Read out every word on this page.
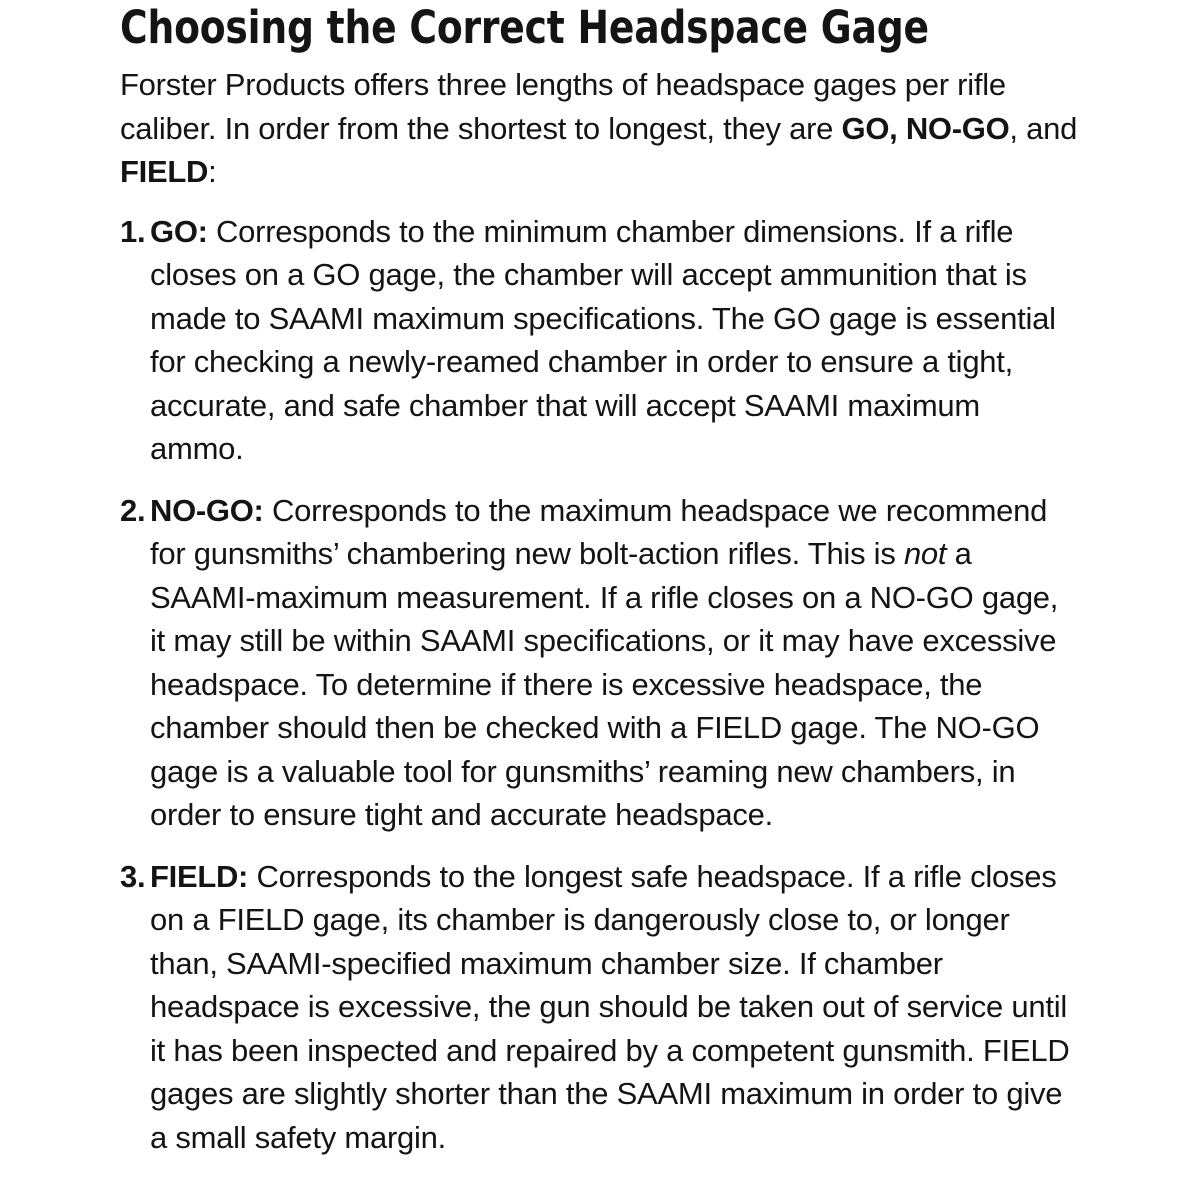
Choosing the Correct Headspace Gage

Forster Products offers three lengths of headspace gages per rifle caliber. In order from the shortest to longest, they are GO, NO-GO, and FIELD:

1. GO: Corresponds to the minimum chamber dimensions. If a rifle closes on a GO gage, the chamber will accept ammunition that is made to SAAMI maximum specifications. The GO gage is essential for checking a newly-reamed chamber in order to ensure a tight, accurate, and safe chamber that will accept SAAMI maximum ammo.
2. NO-GO: Corresponds to the maximum headspace we recommend for gunsmiths’ chambering new bolt-action rifles. This is not a SAAMI-maximum measurement. If a rifle closes on a NO-GO gage, it may still be within SAAMI specifications, or it may have excessive headspace. To determine if there is excessive headspace, the chamber should then be checked with a FIELD gage. The NO-GO gage is a valuable tool for gunsmiths’ reaming new chambers, in order to ensure tight and accurate headspace.
3. FIELD: Corresponds to the longest safe headspace. If a rifle closes on a FIELD gage, its chamber is dangerously close to, or longer than, SAAMI-specified maximum chamber size. If chamber headspace is excessive, the gun should be taken out of service until it has been inspected and repaired by a competent gunsmith. FIELD gages are slightly shorter than the SAAMI maximum in order to give a small safety margin.
